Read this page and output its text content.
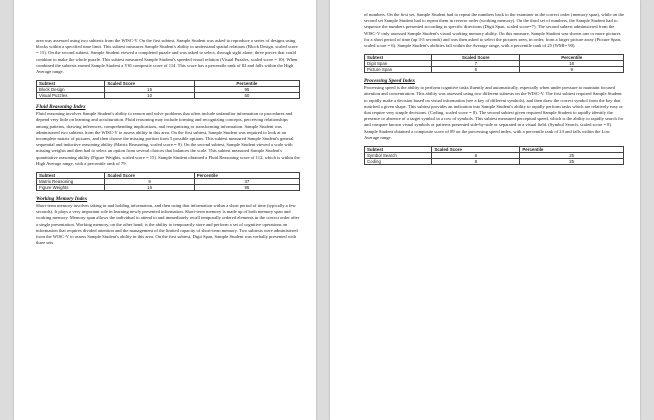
area was assessed using two subtests from the WISC-V. On the first subtest, Sample Student was asked to reproduce a series of designs using blocks within a specified time limit. This subtest measures Sample Student's ability to understand spatial relations (Block Design, scaled score = 15). On the second subtest, Sample Student viewed a completed puzzle and was asked to select, through sight alone, three pieces that could combine to make the whole puzzle. This subtest measured Sample Student's speeded visual relation (Visual Puzzles, scaled score = 10). When combined the subtests earned Sample Student a VSI composite score of 114. This score has a percentile rank of 82 and falls within the High Average range.

Subtest	Scaled Score	Percentile
Block Design	15	95
Visual Puzzles	10	50
Fluid Reasoning Index

Fluid reasoning involves Sample Student's ability to reason and solve problems that often include unfamiliar information or procedures and depend very little on learning and acculturation. Fluid reasoning may include forming and recognizing concepts, perceiving relationships among patterns, drawing inferences, comprehending implications, and reorganizing or transforming information. Sample Student was administered two subtests from the WISC-V to assess ability in this area. On the first subtest, Sample Student was required to look at an incomplete matrix of pictures, and then choose the missing portion from 5 possible options. This subtest measured Sample Student's general sequential and inductive reasoning ability (Matrix Reasoning, scaled score = 9). On the second subtest, Sample Student viewed a scale with missing weights and then had to select an option from several choices that balances the scale. This subtest measured Sample Student's quantitative reasoning ability (Figure Weights, scaled score = 15). Sample Student obtained a Fluid Reasoning score of 112, which is within the High Average range, with a percentile rank of 79.

Subtest	Scaled Score	Percentile
Matrix Reasoning	9	37
Figure Weights	15	95
Working Memory Index

Short-term memory involves taking in and holding information, and then using that information within a short period of time (typically a few seconds). It plays a very important role in learning newly presented information. Short-term memory is made up of both memory span and working memory. Memory span allows the individual to attend to and immediately recall temporally ordered elements in the correct order after a single presentation. Working memory, on the other hand, is the ability to temporarily store and perform a set of cognitive operations on information that requires divided attention and the management of the limited capacity of short-term memory. Two subtests were administered from the WISC-V to assess Sample Student's ability in this area. On the first subtest, Digit Span, Sample Student was verbally presented with three sets

of numbers. On the first set, Sample Student had to repeat the numbers back to the examiner in the correct order (memory span), while on the second set Sample Student had to repeat them in reverse order (working memory). On the third set of numbers, the Sample Student had to sequence the numbers presented according to specific directions (Digit Span, scaled score=7). The second subtest administered from the WISC-V only assessed Sample Student's visual working memory ability. On this measure, Sample Student was shown one or more pictures for a short period of time (up 3-5 seconds) and was then asked to select the pictures seen, in order, from a larger picture array (Picture Span, scaled score = 6). Sample Student's abilities fall within the Average range, with a percentile rank of 25 (WMI= 90).

Subtest	Scaled Score	Percentile
Digit Span	7	16
Picture Span	6	9
Processing Speed Index

Processing speed is the ability to perform cognitive tasks fluently and automatically, especially when under pressure to maintain focused attention and concentration. This ability was assessed using two different subtests on the WISC-V. The first subtest required Sample Student to rapidly make a decision based on visual information (see a key of different symbols), and then draw the correct symbol from the key that matched a given shape. This subtest provides an indication into Sample Student's ability to rapidly perform tasks which are relatively easy or that require very simple decisions. (Coding, scaled score = 8). The second subtest given required Sample Student to rapidly identify the presence or absence of a target symbol in a row of symbols. This subtest measured perceptual speed, which is the ability to rapidly search for and compare known visual symbols or patterns presented side-by-side or separated in a visual field. (Symbol Search, scaled score = 8). Sample Student obtained a composite score of 89 on the processing speed index, with a percentile rank of 23 and falls within the Low Average range.

Subtest	Scaled Score	Percentile
Symbol Search	8	25
Coding	8	25
